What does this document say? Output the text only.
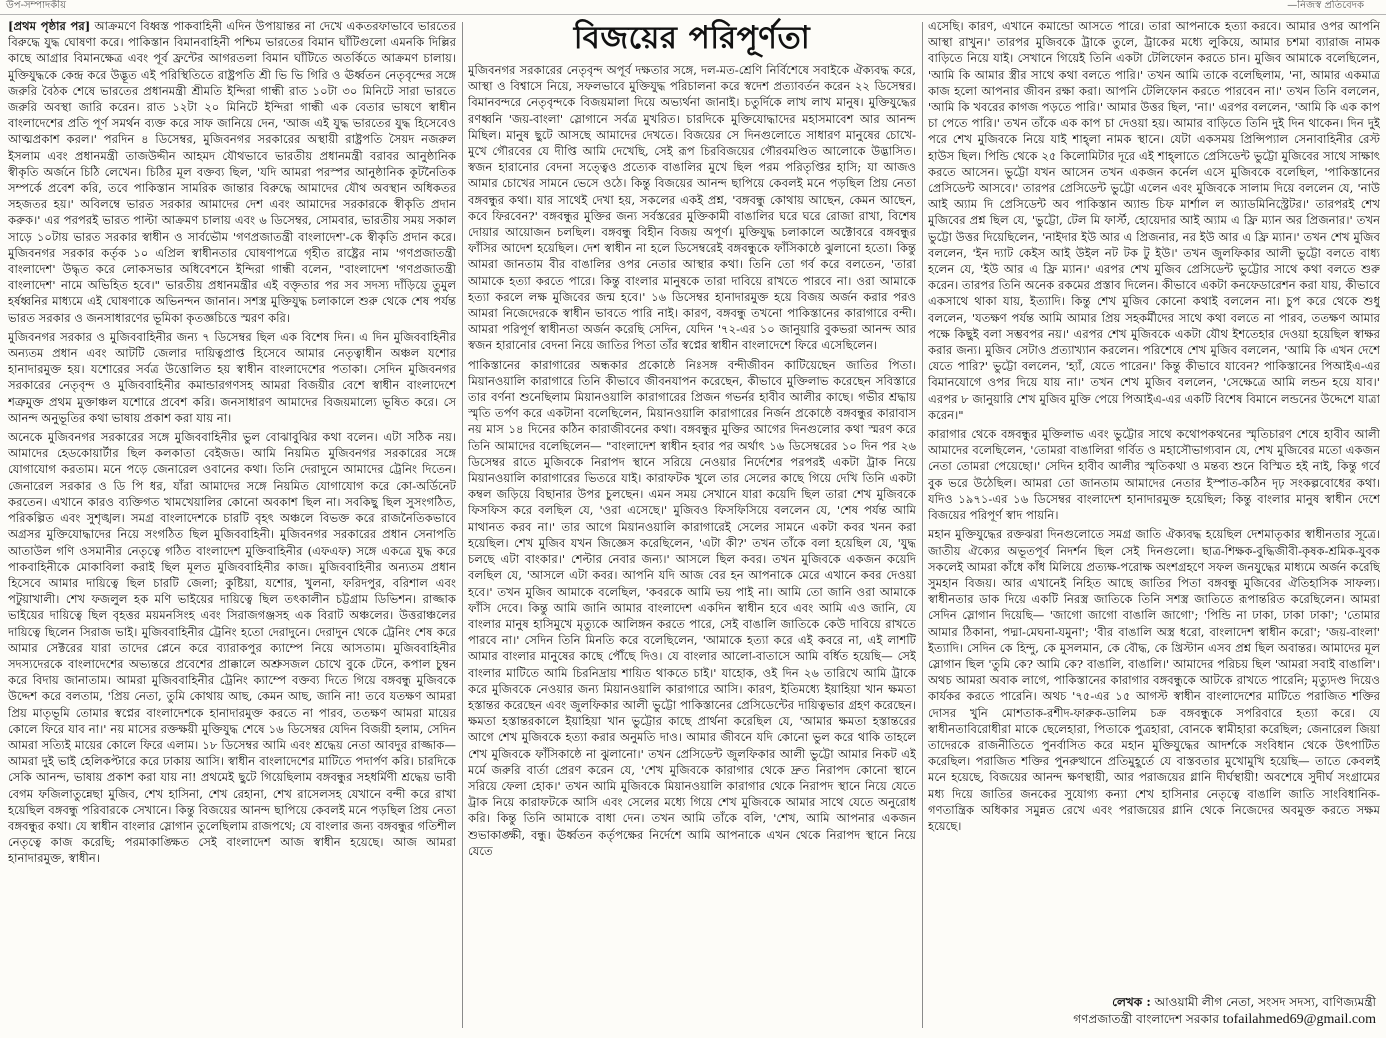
উপ-সম্পাদকীয়	—নিজস্ব প্রতিবেদক

[প্রথম পৃষ্ঠার পর] আক্রমণে বিধ্বস্ত পাকবাহিনী এদিন উপায়ান্তর না দেখে একতরফাভাবে ভারতের বিরুদ্ধে যুদ্ধ ঘোষণা করে। পাকিস্তান বিমানবাহিনী পশ্চিম ভারতের বিমান ঘাঁটিগুলো এমনকি দিল্লির কাছে আগ্রার বিমানক্ষেত্র এবং পূর্ব ফ্রন্টের আগরতলা বিমান ঘাঁটিতে অতর্কিতে আক্রমণ চালায়। মুক্তিযুদ্ধকে কেন্দ্র করে উদ্ভূত এই পরিস্থিতিতে রাষ্ট্রপতি শ্রী ভি ভি গিরি ও ঊর্ধ্বতন নেতৃবৃন্দের সঙ্গে জরুরি বৈঠক শেষে ভারতের প্রধানমন্ত্রী শ্রীমতি ইন্দিরা গান্ধী রাত ১০টা ৩০ মিনিটে সারা ভারতে জরুরি অবস্থা জারি করেন। রাত ১২টা ২০ মিনিটে ইন্দিরা গান্ধী এক বেতার ভাষণে স্বাধীন বাংলাদেশের প্রতি পূর্ণ সমর্থন ব্যক্ত করে সাফ জানিয়ে দেন, 'আজ এই যুদ্ধ ভারতের যুদ্ধ হিসেবেও আত্মপ্রকাশ করল।' পরদিন ৪ ডিসেম্বর, মুজিবনগর সরকারের অস্থায়ী রাষ্ট্রপতি সৈয়দ নজরুল ইসলাম এবং প্রধানমন্ত্রী তাজউদ্দীন আহমদ যৌথভাবে ভারতীয় প্রধানমন্ত্রী বরাবর আনুষ্ঠানিক স্বীকৃতি অর্জনে চিঠি লেখেন। চিঠির মূল বক্তব্য ছিল, 'যদি আমরা পরস্পর আনুষ্ঠানিক কূটনৈতিক সম্পর্কে প্রবেশ করি, তবে পাকিস্তান সামরিক জান্তার বিরুদ্ধে আমাদের যৌথ অবস্থান অধিকতর সহজতর হয়।' অবিলম্বে ভারত সরকার আমাদের দেশ এবং আমাদের সরকারকে স্বীকৃতি প্রদান করুক।' এর পরপরই ভারত পাল্টা আক্রমণ চালায় এবং ৬ ডিসেম্বর, সোমবার, ভারতীয় সময় সকাল সাড়ে ১০টায় ভারত সরকার স্বাধীন ও সার্বভৌম 'গণপ্রজাতন্ত্রী বাংলাদেশ'-কে স্বীকৃতি প্রদান করে। মুজিবনগর সরকার কর্তৃক ১০ এপ্রিল স্বাধীনতার ঘোষণাপত্রে গৃহীত রাষ্ট্রের নাম 'গণপ্রজাতন্ত্রী বাংলাদেশ' উদ্ধৃত করে লোকসভার অধিবেশনে ইন্দিরা গান্ধী বলেন, "বাংলাদেশ 'গণপ্রজাতন্ত্রী বাংলাদেশ' নামে অভিহিত হবে।" ভারতীয় প্রধানমন্ত্রীর এই বক্তৃতার পর সব সদস্য দাঁড়িয়ে তুমুল হর্ষধ্বনির মাধ্যমে এই ঘোষণাকে অভিনন্দন জানান। সশস্ত্র মুক্তিযুদ্ধ চলাকালে শুরু থেকে শেষ পর্যন্ত ভারত সরকার ও জনসাধারণের ভূমিকা কৃতজ্ঞচিত্তে স্মরণ করি।

মুজিবনগর সরকার ও মুজিববাহিনীর জন্য ৭ ডিসেম্বর ছিল এক বিশেষ দিন। এ দিন মুজিববাহিনীর অন্যতম প্রধান এবং আটটি জেলার দায়িত্বপ্রাপ্ত হিসেবে আমার নেতৃত্বাধীন অঞ্চল যশোর হানাদারমুক্ত হয়। যশোরের সর্বত্র উত্তোলিত হয় স্বাধীন বাংলাদেশের পতাকা। সেদিন মুজিবনগর সরকারের নেতৃবৃন্দ ও মুজিববাহিনীর কমান্ডারগণসহ আমরা বিজয়ীর বেশে স্বাধীন বাংলাদেশে শত্রুমুক্ত প্রথম মুক্তাঞ্চল যশোরে প্রবেশ করি। জনসাধারণ আমাদের বিজয়মাল্যে ভূষিত করে। সে আনন্দ অনুভূতির কথা ভাষায় প্রকাশ করা যায় না।

অনেকে মুজিবনগর সরকারের সঙ্গে মুজিববাহিনীর ভুল বোঝাবুঝির কথা বলেন। এটা সঠিক নয়। আমাদের হেডকোয়ার্টার ছিল কলকাতা বেইজড। আমি নিয়মিত মুজিবনগর সরকারের সঙ্গে যোগাযোগ করতাম। মনে পড়ে জেনারেল ওবানের কথা। তিনি দেরাদুনে আমাদের ট্রেনিং দিতেন। জেনারেল সরকার ও ডি পি ধর, যাঁরা আমাদের সঙ্গে নিয়মিত যোগাযোগ করে কো-অর্ডিনেট করতেন। এখানে কারও ব্যক্তিগত খামখেয়ালির কোনো অবকাশ ছিল না। সবকিছু ছিল সুসংগঠিত, পরিকল্পিত এবং সুশৃঙ্খল। সমগ্র বাংলাদেশকে চারটি বৃহৎ অঞ্চলে বিভক্ত করে রাজনৈতিকভাবে অগ্রসর মুক্তিযোদ্ধাদের নিয়ে সংগঠিত ছিল মুজিববাহিনী। মুজিবনগর সরকারের প্রধান সেনাপতি আতাউল গণি ওসমানীর নেতৃত্বে গঠিত বাংলাদেশ মুক্তিবাহিনীর (এফএফ) সঙ্গে একত্রে যুদ্ধ করে পাকবাহিনীকে মোকাবিলা করাই ছিল মূলত মুজিববাহিনীর কাজ। মুজিববাহিনীর অন্যতম প্রধান হিসেবে আমার দায়িত্বে ছিল চারটি জেলা; কুষ্টিয়া, যশোর, খুলনা, ফরিদপুর, বরিশাল এবং পটুয়াখালী। শেখ ফজলুল হক মণি ভাইয়ের দায়িত্বে ছিল তৎকালীন চট্টগ্রাম ডিভিশন। রাজ্জাক ভাইয়ের দায়িত্বে ছিল বৃহত্তর ময়মনসিংহ এবং সিরাজগঞ্জসহ এক বিরাট অঞ্চলের। উত্তরাঞ্চলের দায়িত্বে ছিলেন সিরাজ ভাই। মুজিববাহিনীর ট্রেনিং হতো দেরাদুনে। দেরাদুন থেকে ট্রেনিং শেষ করে আমার সেক্টরের যারা তাদের প্লেনে করে ব্যারাকপুর ক্যাম্পে নিয়ে আসতাম। মুজিববাহিনীর সদস্যদেরকে বাংলাদেশের অভ্যন্তরে প্রবেশের প্রাক্কালে অশ্রুসজল চোখে বুকে টেনে, কপাল চুম্বন করে বিদায় জানাতাম। আমরা মুজিববাহিনীর ট্রেনিং ক্যাম্পে বক্তব্য দিতে গিয়ে বঙ্গবন্ধু মুজিবকে উদ্দেশ করে বলতাম, 'প্রিয় নেতা, তুমি কোথায় আছ, কেমন আছ, জানি না! তবে যতক্ষণ আমরা প্রিয় মাতৃভূমি তোমার স্বপ্নের বাংলাদেশকে হানাদারমুক্ত করতে না পারব, ততক্ষণ আমরা মায়ের কোলে ফিরে যাব না।' নয় মাসের রক্তক্ষয়ী মুক্তিযুদ্ধ শেষে ১৬ ডিসেম্বর যেদিন বিজয়ী হলাম, সেদিন আমরা সত্যিই মায়ের কোলে ফিরে এলাম। ১৮ ডিসেম্বর আমি এবং শ্রদ্ধেয় নেতা আবদুর রাজ্জাক— আমরা দুই ভাই হেলিকপ্টারে করে ঢাকায় আসি। স্বাধীন বাংলাদেশের মাটিতে পদার্পণ করি। চারদিকে সেকি আনন্দ, ভাষায় প্রকাশ করা যায় না! প্রথমেই ছুটে গিয়েছিলাম বঙ্গবন্ধুর সহধর্মিণী শ্রদ্ধেয় ভাবী বেগম ফজিলাতুন্নেছা মুজিব, শেখ হাসিনা, শেখ রেহানা, শেখ রাসেলসহ যেখানে বন্দী করে রাখা হয়েছিল বঙ্গবন্ধু পরিবারকে সেখানে। কিন্তু বিজয়ের আনন্দ ছাপিয়ে কেবলই মনে পড়ছিল প্রিয় নেতা বঙ্গবন্ধুর কথা। যে স্বাধীন বাংলার স্লোগান তুলেছিলাম রাজপথে; যে বাংলার জন্য বঙ্গবন্ধুর গতিশীল নেতৃত্বে কাজ করেছি; পরমাকাঙ্ক্ষিত সেই বাংলাদেশ আজ স্বাধীন হয়েছে। আজ আমরা হানাদারমুক্ত, স্বাধীন।

বিজয়ের পরিপূর্ণতা

মুজিবনগর সরকারের নেতৃবৃন্দ অপূর্ব দক্ষতার সঙ্গে, দল-মত-শ্রেণি নির্বিশেষে সবাইকে ঐক্যবদ্ধ করে, আস্থা ও বিশ্বাসে নিয়ে, সফলভাবে মুক্তিযুদ্ধ পরিচালনা করে স্বদেশ প্রত্যাবর্তন করেন ২২ ডিসেম্বর। বিমানবন্দরে নেতৃবৃন্দকে বিজয়মালা দিয়ে অভ্যর্থনা জানাই। চতুর্দিকে লাখ লাখ মানুষ। মুক্তিযুদ্ধের রণধ্বনি 'জয়-বাংলা' স্লোগানে সর্বত্র মুখরিত। চারদিকে মুক্তিযোদ্ধাদের মহাসমাবেশ আর আনন্দ মিছিল। মানুষ ছুটে আসছে আমাদের দেখতে। বিজয়ের সে দিনগুলোতে সাধারণ মানুষের চোখে-মুখে গৌরবের যে দীপ্তি আমি দেখেছি, সেই রূপ চিরবিজয়ের গৌরবমণ্ডিত আলোকে উদ্ভাসিত। স্বজন হারানোর বেদনা সত্ত্বেও প্রত্যেক বাঙালির মুখে ছিল পরম পরিতৃপ্তির হাসি; যা আজও আমার চোখের সামনে ভেসে ওঠে। কিন্তু বিজয়ের আনন্দ ছাপিয়ে কেবলই মনে পড়ছিল প্রিয় নেতা বঙ্গবন্ধুর কথা। যার সাথেই দেখা হয়, সকলের একই প্রশ্ন, 'বঙ্গবন্ধু কোথায় আছেন, কেমন আছেন, কবে ফিরবেন?' বঙ্গবন্ধুর মুক্তির জন্য সর্বস্তরের মুক্তিকামী বাঙালির ঘরে ঘরে রোজা রাখা, বিশেষ দোয়ার আয়োজন চলছিল। বঙ্গবন্ধু বিহীন বিজয় অপূর্ণ। মুক্তিযুদ্ধ চলাকালে অক্টোবরে বঙ্গবন্ধুর ফাঁসির আদেশ হয়েছিল। দেশ স্বাধীন না হলে ডিসেম্বরেই বঙ্গবন্ধুকে ফাঁসিকাষ্ঠে ঝুলানো হতো। কিন্তু আমরা জানতাম বীর বাঙালির ওপর নেতার আস্থার কথা। তিনি তো গর্ব করে বলতেন, 'তারা আমাকে হত্যা করতে পারে। কিন্তু বাংলার মানুষকে তারা দাবিয়ে রাখতে পারবে না। ওরা আমাকে হত্যা করলে লক্ষ মুজিবের জন্ম হবে।' ১৬ ডিসেম্বর হানাদারমুক্ত হয়ে বিজয় অর্জন করার পরও আমরা নিজেদেরকে স্বাধীন ভাবতে পারি নাই। কারণ, বঙ্গবন্ধু তখনো পাকিস্তানের কারাগারে বন্দী। আমরা পরিপূর্ণ স্বাধীনতা অর্জন করেছি সেদিন, যেদিন '৭২-এর ১০ জানুয়ারি বুকভরা আনন্দ আর স্বজন হারানোর বেদনা নিয়ে জাতির পিতা তাঁর স্বপ্নের স্বাধীন বাংলাদেশে ফিরে এসেছিলেন।

পাকিস্তানের কারাগারের অন্ধকার প্রকোষ্ঠে নিঃসঙ্গ বন্দীজীবন কাটিয়েছেন জাতির পিতা। মিয়ানওয়ালি কারাগারে তিনি কীভাবে জীবনযাপন করেছেন, কীভাবে মুক্তিলাভ করেছেন সবিস্তারে তার বর্ণনা শুনেছিলাম মিয়ানওয়ালি কারাগারের প্রিজন গভর্নর হাবীব আলীর কাছে। গভীর শ্রদ্ধায় স্মৃতি তর্পণ করে একটানা বলেছিলেন, মিয়ানওয়ালি কারাগারের নির্জন প্রকোষ্ঠে বঙ্গবন্ধুর কারাবাস নয় মাস ১৪ দিনের কঠিন কারাজীবনের কথা। বঙ্গবন্ধুর মুক্তির আগের দিনগুলোর কথা স্মরণ করে তিনি আমাদের বলেছিলেন— "বাংলাদেশ স্বাধীন হবার পর অর্থাৎ ১৬ ডিসেম্বরের ১০ দিন পর ২৬ ডিসেম্বর রাতে মুজিবকে নিরাপদ স্থানে সরিয়ে নেওয়ার নির্দেশের পরপরই একটা ট্রাক নিয়ে মিয়ানওয়ালি কারাগারের ভিতরে যাই। কারাফটক খুলে তার সেলের কাছে গিয়ে দেখি তিনি একটা কম্বল জড়িয়ে বিছানার উপর চুলছেন। এমন সময় সেখানে যারা কয়েদি ছিল তারা শেখ মুজিবকে ফিসফিস করে বলছিল যে, 'ওরা এসেছে।' মুজিবও ফিসফিসিয়ে বললেন যে, 'শেষ পর্যন্ত আমি মাথানত করব না।' তার আগে মিয়ানওয়ালি কারাগারেই সেলের সামনে একটা কবর খনন করা হয়েছিল। শেখ মুজিব যখন জিজ্ঞেস করেছিলেন, 'এটা কী?' তখন তাঁকে বলা হয়েছিল যে, 'যুদ্ধ চলছে এটা বাংকার।' শেল্টার নেবার জন্য।' আসলে ছিল কবর। তখন মুজিবকে একজন কয়েদি বলছিল যে, 'আসলে এটা কবর। আপনি যদি আজ বের হন আপনাকে মেরে এখানে কবর দেওয়া হবে।' তখন মুজিব আমাকে বলেছিল, 'কবরকে আমি ভয় পাই না। আমি তো জানি ওরা আমাকে ফাঁসি দেবে। কিন্তু আমি জানি আমার বাংলাদেশ একদিন স্বাধীন হবে এবং আমি এও জানি, যে বাংলার মানুষ হাসিমুখে মৃত্যুকে আলিঙ্গন করতে পারে, সেই বাঙালি জাতিকে কেউ দাবিয়ে রাখতে পারবে না।' সেদিন তিনি মিনতি করে বলেছিলেন, 'আমাকে হত্যা করে এই কবরে না, এই লাশটি আমার বাংলার মানুষের কাছে পৌঁছে দিও। যে বাংলার আলো-বাতাসে আমি বর্ধিত হয়েছি— সেই বাংলার মাটিতে আমি চিরনিদ্রায় শায়িত থাকতে চাই।' যাহোক, ওই দিন ২৬ তারিখে আমি ট্রাকে করে মুজিবকে নেওয়ার জন্য মিয়ানওয়ালি কারাগারে আসি। কারণ, ইতিমধ্যে ইয়াহিয়া খান ক্ষমতা হস্তান্তর করেছেন এবং জুলফিকার আলী ভুট্টো পাকিস্তানের প্রেসিডেন্টের দায়িত্বভার গ্রহণ করেছেন। ক্ষমতা হস্তান্তরকালে ইয়াহিয়া খান ভুট্টোর কাছে প্রার্থনা করেছিল যে, 'আমার ক্ষমতা হস্তান্তরের আগে শেখ মুজিবকে হত্যা করার অনুমতি দাও। আমার জীবনে যদি কোনো ভুল করে থাকি তাহলে শেখ মুজিবকে ফাঁসিকাষ্ঠে না ঝুলানো।' তখন প্রেসিডেন্ট জুলফিকার আলী ভুট্টো আমার নিকট এই মর্মে জরুরি বার্তা প্রেরণ করেন যে, 'শেখ মুজিবকে কারাগার থেকে দ্রুত নিরাপদ কোনো স্থানে সরিয়ে ফেলা হোক।' তখন আমি মুজিবকে মিয়ানওয়ালি কারাগার থেকে নিরাপদ স্থানে নিয়ে যেতে ট্রাক নিয়ে কারাফটকে আসি এবং সেলের মধ্যে গিয়ে শেখ মুজিবকে আমার সাথে যেতে অনুরোধ করি। কিন্তু তিনি আমাকে বাধা দেন। তখন আমি তাঁকে বলি, 'শেখ, আমি আপনার একজন শুভাকাঙ্ক্ষী, বন্ধু। ঊর্ধ্বতন কর্তৃপক্ষের নির্দেশে আমি আপনাকে এখন থেকে নিরাপদ স্থানে নিয়ে যেতে

এসেছি। কারণ, এখানে কমান্ডো আসতে পারে। তারা আপনাকে হত্যা করবে। আমার ওপর আপনি আস্থা রাখুন।' তারপর মুজিবকে ট্রাকে তুলে, ট্রাকের মধ্যে লুকিয়ে, আমার চশমা ব্যারাজ নামক বাড়িতে নিয়ে যাই। সেখানে গিয়েই তিনি একটা টেলিফোন করতে চান। মুজিব আমাকে বলেছিলেন, 'আমি কি আমার স্ত্রীর সাথে কথা বলতে পারি।' তখন আমি তাকে বলেছিলাম, 'না, আমার একমাত্র কাজ হলো আপনার জীবন রক্ষা করা। আপনি টেলিফোন করতে পারবেন না।' তখন তিনি বললেন, 'আমি কি খবরের কাগজ পড়তে পারি।' আমার উত্তর ছিল, 'না।' এরপর বললেন, 'আমি কি এক কাপ চা পেতে পারি।' তখন তাঁকে এক কাপ চা দেওয়া হয়। আমার বাড়িতে তিনি দুই দিন থাকেন। দিন দুই পরে শেখ মুজিবকে নিয়ে যাই শাহ্‌লা নামক স্থানে। যেটা একসময় প্রিন্সিপ্যাল সেনাবাহিনীর রেস্ট হাউস ছিল। পিন্ডি থেকে ২৫ কিলোমিটার দূরে এই শাহ্‌লাতে প্রেসিডেন্ট ভুট্টো মুজিবের সাথে সাক্ষাৎ করতে আসেন। ভুট্টো যখন আসেন তখন একজন কর্নেল এসে মুজিবকে বলেছিল, 'পাকিস্তানের প্রেসিডেন্ট আসবে।' তারপর প্রেসিডেন্ট ভুট্টো এলেন এবং মুজিবকে সালাম দিয়ে বললেন যে, 'নাউ আই অ্যাম দি প্রেসিডেন্ট অব পাকিস্তান অ্যান্ড চিফ মার্শাল ল অ্যাডমিনিস্ট্রেটর।' তারপরই শেখ মুজিবের প্রশ্ন ছিল যে, 'ভুট্টো, টেল মি ফার্স্ট, হোয়েদার আই অ্যাম এ ফ্রি ম্যান অর প্রিজনার।' তখন ভুট্টো উত্তর দিয়েছিলেন, 'নাইদার ইউ আর এ প্রিজনার, নর ইউ আর এ ফ্রি ম্যান।' তখন শেখ মুজিব বললেন, 'ইন দ্যাট কেইস আই উইল নট টক টু ইউ।' তখন জুলফিকার আলী ভুট্টো বলতে বাধ্য হলেন যে, 'ইউ আর এ ফ্রি ম্যান।' এরপর শেখ মুজিব প্রেসিডেন্ট ভুট্টোর সাথে কথা বলতে শুরু করেন। তারপর তিনি অনেক রকমের প্রস্তাব দিলেন। কীভাবে একটা কনফেডারেশন করা যায়, কীভাবে একসাথে থাকা যায়, ইত্যাদি। কিন্তু শেখ মুজিব কোনো কথাই বললেন না। চুপ করে থেকে শুধু বললেন, 'যতক্ষণ পর্যন্ত আমি আমার প্রিয় সহকর্মীদের সাথে কথা বলতে না পারব, ততক্ষণ আমার পক্ষে কিছুই বলা সম্ভবপর নয়।' এরপর শেখ মুজিবকে একটা যৌথ ইশতেহার দেওয়া হয়েছিল স্বাক্ষর করার জন্য। মুজিব সেটাও প্রত্যাখ্যান করলেন। পরিশেষে শেখ মুজিব বললেন, 'আমি কি এখন দেশে যেতে পারি?' ভুট্টো বললেন, 'হ্যাঁ, যেতে পারেন।' কিন্তু কীভাবে যাবেন? পাকিস্তানের পিআইএ-এর বিমানযোগে ওপর দিয়ে যায় না।' তখন শেখ মুজিব বললেন, 'সেক্ষেত্রে আমি লন্ডন হয়ে যাব।' এরপর ৮ জানুয়ারি শেখ মুজিব মুক্তি পেয়ে পিআইএ-এর একটি বিশেষ বিমানে লন্ডনের উদ্দেশে যাত্রা করেন।"

কারাগার থেকে বঙ্গবন্ধুর মুক্তিলাভ এবং ভুট্টোর সাথে কথোপকথনের স্মৃতিচারণ শেষে হাবীব আলী আমাদের বলেছিলেন, 'তোমরা বাঙালিরা গর্বিত ও মহাসৌভাগ্যবান যে, শেখ মুজিবের মতো একজন নেতা তোমরা পেয়েছো।' সেদিন হাবীব আলীর স্মৃতিকথা ও মন্তব্য শুনে বিস্মিত হই নাই, কিন্তু গর্বে বুক ভরে উঠেছিল। আমরা তো জানতাম আমাদের নেতার ইস্পাত-কঠিন দৃঢ় সংকল্পবোধের কথা। যদিও ১৯৭১-এর ১৬ ডিসেম্বর বাংলাদেশ হানাদারমুক্ত হয়েছিল; কিন্তু বাংলার মানুষ স্বাধীন দেশে বিজয়ের পরিপূর্ণ স্বাদ পায়নি।

মহান মুক্তিযুদ্ধের রক্তঝরা দিনগুলোতে সমগ্র জাতি ঐক্যবদ্ধ হয়েছিল দেশমাতৃকার স্বাধীনতার সূত্রে। জাতীয় ঐক্যের অভূতপূর্ব নিদর্শন ছিল সেই দিনগুলো। ছাত্র-শিক্ষক-বুদ্ধিজীবী-কৃষক-শ্রমিক-যুবক সকলেই আমরা কাঁধে কাঁধ মিলিয়ে প্রত্যক্ষ-পরোক্ষ অংশগ্রহণে সফল জনযুদ্ধের মাধ্যমে অর্জন করেছি সুমহান বিজয়। আর এখানেই নিহিত আছে জাতির পিতা বঙ্গবন্ধু মুজিবের ঐতিহাসিক সাফল্য। স্বাধীনতার ডাক দিয়ে একটি নিরস্ত্র জাতিকে তিনি সশস্ত্র জাতিতে রূপান্তরিত করেছিলেন। আমরা সেদিন স্লোগান দিয়েছি— 'জাগো জাগো বাঙালি জাগো'; 'পিন্ডি না ঢাকা, ঢাকা ঢাকা'; 'তোমার আমার ঠিকানা, পদ্মা-মেঘনা-যমুনা'; 'বীর বাঙালি অস্ত্র ধরো, বাংলাদেশ স্বাধীন করো'; 'জয়-বাংলা' ইত্যাদি। সেদিন কে হিন্দু, কে মুসলমান, কে বৌদ্ধ, কে খ্রিস্টান এসব প্রশ্ন ছিল অবান্তর। আমাদের মূল স্লোগান ছিল 'তুমি কে? আমি কে? বাঙালি, বাঙালি।' আমাদের পরিচয় ছিল 'আমরা সবাই বাঙালি'। অথচ আমরা অবাক লাগে, পাকিস্তানের কারাগার বঙ্গবন্ধুকে আটকে রাখতে পারেনি; মৃত্যুদণ্ড দিয়েও কার্যকর করতে পারেনি। অথচ '৭৫-এর ১৫ আগস্ট স্বাধীন বাংলাদেশের মাটিতে পরাজিত শক্তির দোসর খুনি মোশতাক-রশীদ-ফারুক-ডালিম চক্র বঙ্গবন্ধুকে সপরিবারে হত্যা করে। যে স্বাধীনতাবিরোধীরা মাকে ছেলেহারা, পিতাকে পুত্রহারা, বোনকে স্বামীহারা করেছিল; জেনারেল জিয়া তাদেরকে রাজনীতিতে পুনর্বাসিত করে মহান মুক্তিযুদ্ধের আদর্শকে সংবিধান থেকে উৎপাটিত করেছিল। পরাজিত শক্তির পুনরুত্থানে প্রতিমুহূর্তে যে বাস্তবতার মুখোমুখি হয়েছি— তাতে কেবলই মনে হয়েছে, বিজয়ের আনন্দ ক্ষণস্থায়ী, আর পরাজয়ের গ্লানি দীর্ঘস্থায়ী! অবশেষে সুদীর্ঘ সংগ্রামের মধ্য দিয়ে জাতির জনকের সুযোগ্য কন্যা শেখ হাসিনার নেতৃত্বে বাঙালি জাতি সাংবিধানিক-গণতান্ত্রিক অধিকার সমুন্নত রেখে এবং পরাজয়ের গ্লানি থেকে নিজেদের অবমুক্ত করতে সক্ষম হয়েছে।

লেখক : আওয়ামী লীগ নেতা, সংসদ সদস্য, বাণিজ্যমন্ত্রী
গণপ্রজাতন্ত্রী বাংলাদেশ সরকার tofailahmed69@gmail.com
